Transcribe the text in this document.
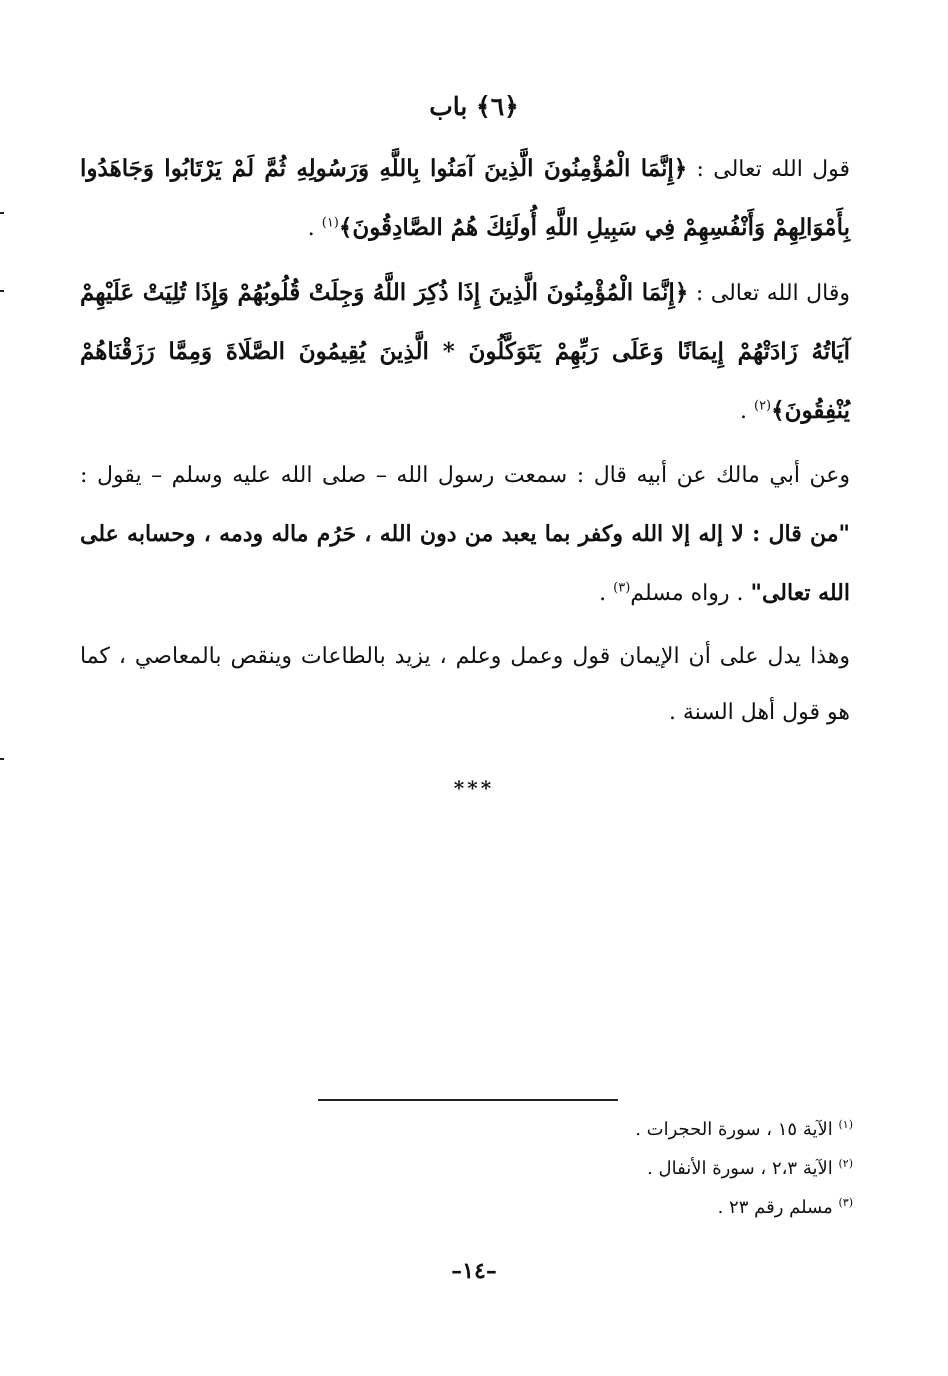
﴿٦﴾ باب

قول الله تعالى : ﴿إِنَّمَا الْمُؤْمِنُونَ الَّذِينَ آمَنُوا بِاللَّهِ وَرَسُولِهِ ثُمَّ لَمْ يَرْتَابُوا وَجَاهَدُوا بِأَمْوَالِهِمْ وَأَنْفُسِهِمْ فِي سَبِيلِ اللَّهِ أُولَئِكَ هُمُ الصَّادِقُونَ﴾$^{(١)}$ .

وقال الله تعالى : ﴿إِنَّمَا الْمُؤْمِنُونَ الَّذِينَ إِذَا ذُكِرَ اللَّهُ وَجِلَتْ قُلُوبُهُمْ وَإِذَا تُلِيَتْ عَلَيْهِمْ آيَاتُهُ زَادَتْهُمْ إِيمَانًا وَعَلَى رَبِّهِمْ يَتَوَكَّلُونَ * الَّذِينَ يُقِيمُونَ الصَّلَاةَ وَمِمَّا رَزَقْنَاهُمْ يُنْفِقُونَ﴾$^{(٢)}$ .

وعن أبي مالك عن أبيه قال : سمعت رسول الله – صلى الله عليه وسلم – يقول : "من قال : لا إله إلا الله وكفر بما يعبد من دون الله ، حَرُم ماله ودمه ، وحسابه على الله تعالى" . رواه مسلم$^{(٣)}$ .

وهذا يدل على أن الإيمان قول وعمل وعلم ، يزيد بالطاعات وينقص بالمعاصي ، كما هو قول أهل السنة .

***
$^{(١)}$ الآية ١٥ ، سورة الحجرات .
$^{(٢)}$ الآية ٢،٣ ، سورة الأنفال .
$^{(٣)}$ مسلم رقم ٢٣ .
–١٤–
